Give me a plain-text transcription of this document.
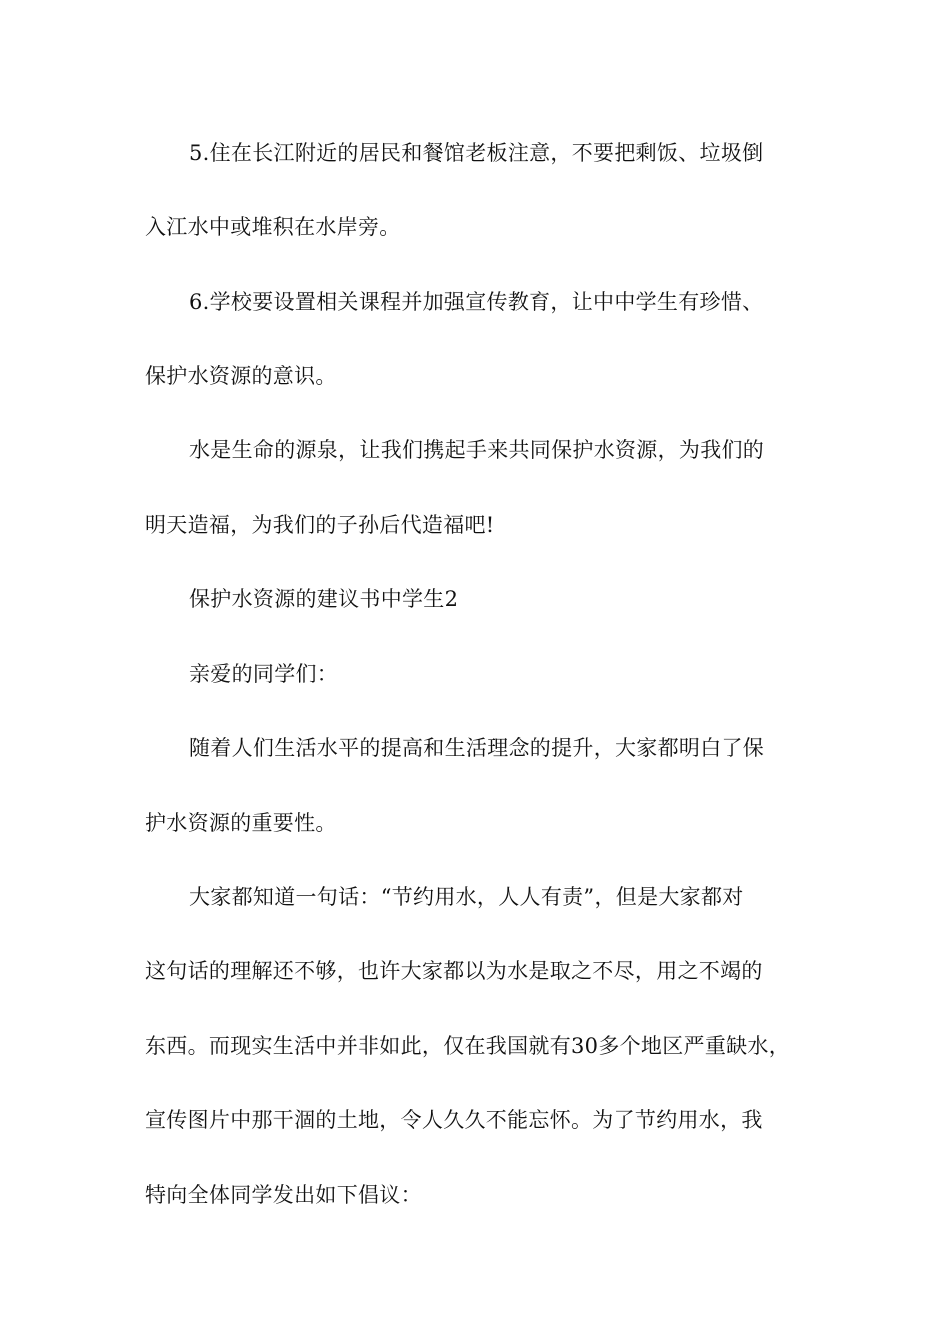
5.住在长江附近的居民和餐馆老板注意，不要把剩饭、垃圾倒

入江水中或堆积在水岸旁。

6.学校要设置相关课程并加强宣传教育，让中中学生有珍惜、

保护水资源的意识。

水是生命的源泉，让我们携起手来共同保护水资源，为我们的

明天造福，为我们的子孙后代造福吧!

保护水资源的建议书中学生2

亲爱的同学们：

随着人们生活水平的提高和生活理念的提升，大家都明白了保

护水资源的重要性。

大家都知道一句话：“节约用水，人人有责”，但是大家都对

这句话的理解还不够，也许大家都以为水是取之不尽，用之不竭的

东西。而现实生活中并非如此，仅在我国就有30多个地区严重缺水，

宣传图片中那干涸的土地，令人久久不能忘怀。为了节约用水，我

特向全体同学发出如下倡议：
